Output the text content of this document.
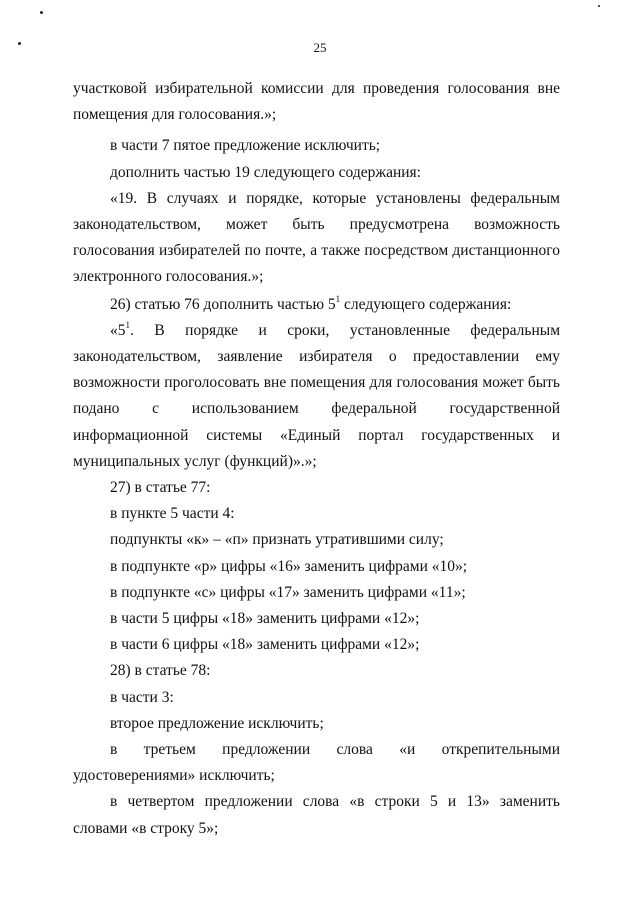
25

участковой избирательной комиссии для проведения голосования вне помещения для голосования.»;

в части 7 пятое предложение исключить;

дополнить частью 19 следующего содержания:

«19. В случаях и порядке, которые установлены федеральным законодательством, может быть предусмотрена возможность голосования избирателей по почте, а также посредством дистанционного электронного голосования.»;

26) статью 76 дополнить частью $5^1$ следующего содержания:

«$5^1$. В порядке и сроки, установленные федеральным законодательством, заявление избирателя о предоставлении ему возможности проголосовать вне помещения для голосования может быть подано с использованием федеральной государственной информационной системы «Единый портал государственных и муниципальных услуг (функций)».»;

27) в статье 77:

в пункте 5 части 4:

подпункты «к» – «п» признать утратившими силу;

в подпункте «р» цифры «16» заменить цифрами «10»;

в подпункте «с» цифры «17» заменить цифрами «11»;

в части 5 цифры «18» заменить цифрами «12»;

в части 6 цифры «18» заменить цифрами «12»;

28) в статье 78:

в части 3:

второе предложение исключить;

в третьем предложении слова «и открепительными удостоверениями» исключить;

в четвертом предложении слова «в строки 5 и 13» заменить словами «в строку 5»;
